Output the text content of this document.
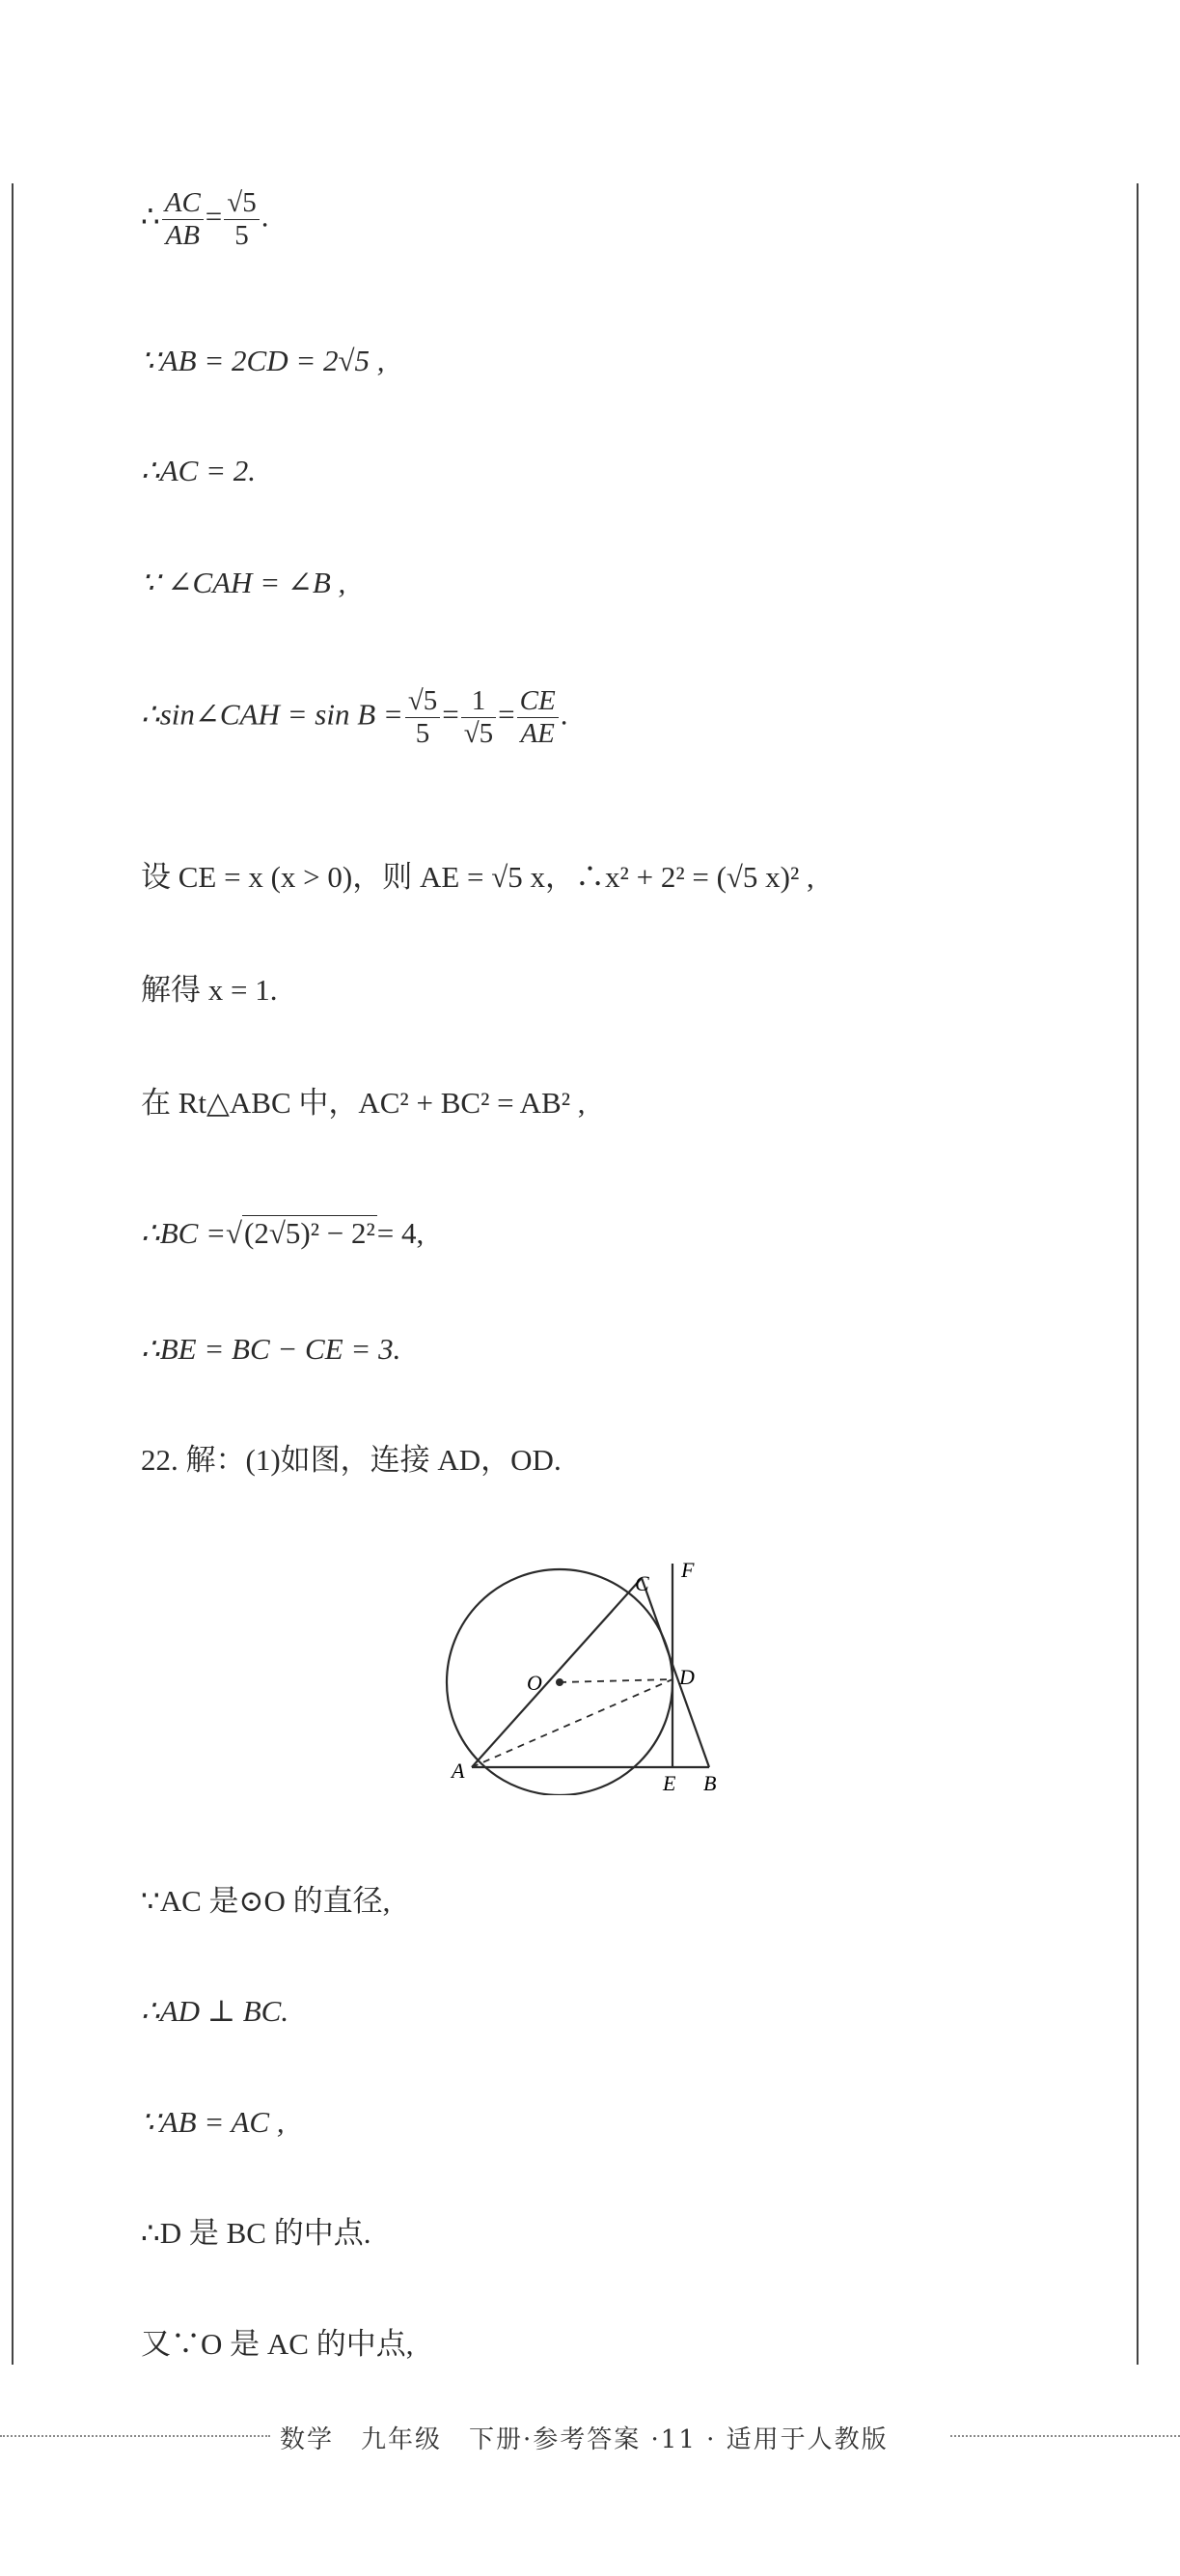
∴ $\frac{AC}{AB} = \frac{√5}{5}$ .
∵AB = 2CD = 2√5 ,
∴AC = 2.
∵ ∠CAH = ∠B ,
∴sin∠CAH = $\sin B = \frac{√5}{5} = \frac{1}{√5} = \frac{CE}{AE}$ .
设 CE = x (x > 0)，则 AE = √5 x，∴x² + 2² = (√5 x)² ,
解得 x = 1.
在 Rt△ABC 中，AC² + BC² = AB² ,
∴BC =√(2√5)² − 2²= 4,
∴BE = BC − CE = 3.
22. 解：(1)如图，连接 AD，OD.
C
F
O	D
A
E B
∵AC 是⊙O 的直径,
∴AD ⊥ BC.
∵AB = AC ,
∴D 是 BC 的中点.
又∵O 是 AC 的中点,
数学　九年级　下册·参考答案 ·11 · 适用于人教版
